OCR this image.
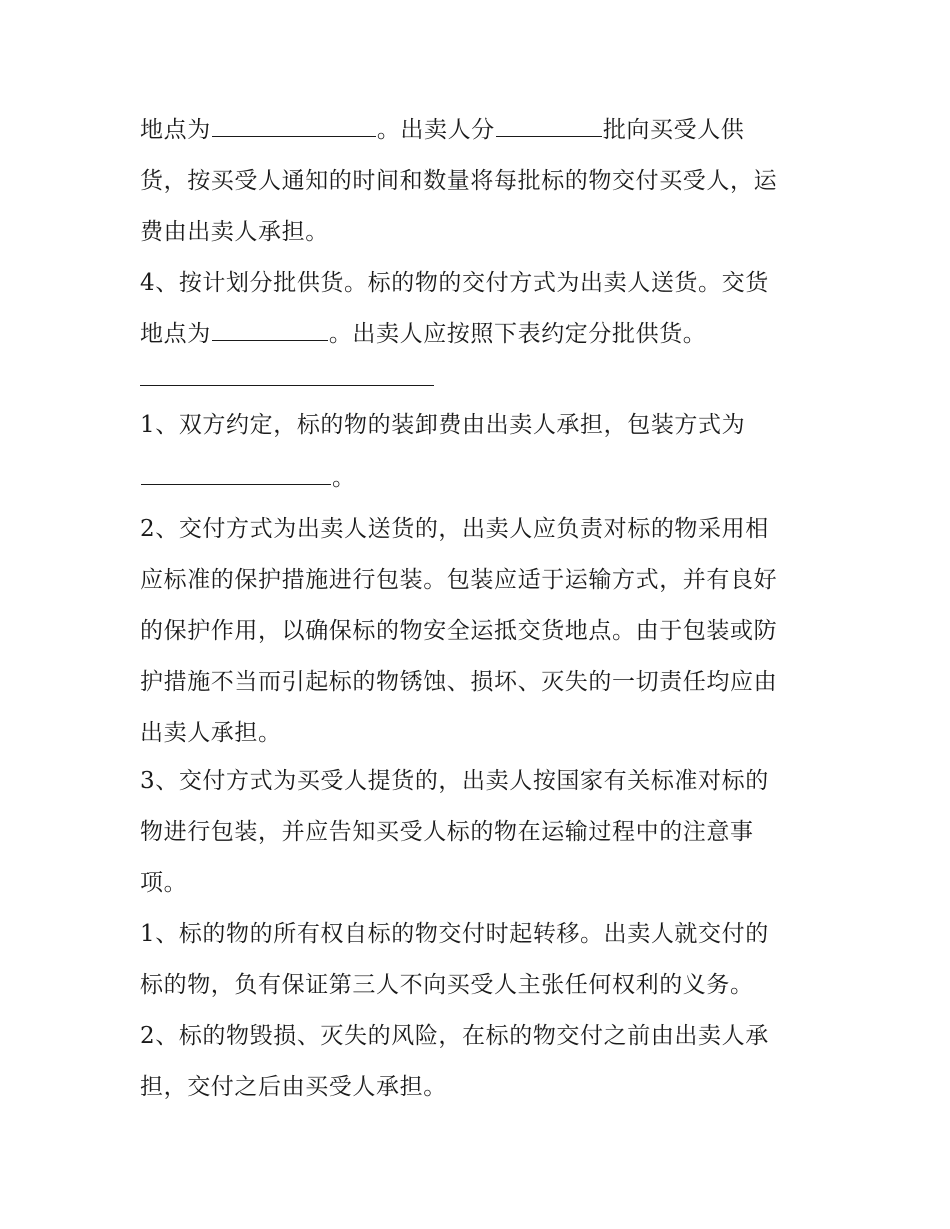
地点为	。出卖人分	批向买受人供
货，按买受人通知的时间和数量将每批标的物交付买受人，运
费由出卖人承担。
4、按计划分批供货。标的物的交付方式为出卖人送货。交货
地点为	。出卖人应按照下表约定分批供货。
1、双方约定，标的物的装卸费由出卖人承担，包装方式为
。
2、交付方式为出卖人送货的，出卖人应负责对标的物采用相
应标准的保护措施进行包装。包装应适于运输方式，并有良好
的保护作用，以确保标的物安全运抵交货地点。由于包装或防
护措施不当而引起标的物锈蚀、损坏、灭失的一切责任均应由
出卖人承担。
3、交付方式为买受人提货的，出卖人按国家有关标准对标的
物进行包装，并应告知买受人标的物在运输过程中的注意事
项。
1、标的物的所有权自标的物交付时起转移。出卖人就交付的
标的物，负有保证第三人不向买受人主张任何权利的义务。
2、标的物毁损、灭失的风险，在标的物交付之前由出卖人承
担，交付之后由买受人承担。
